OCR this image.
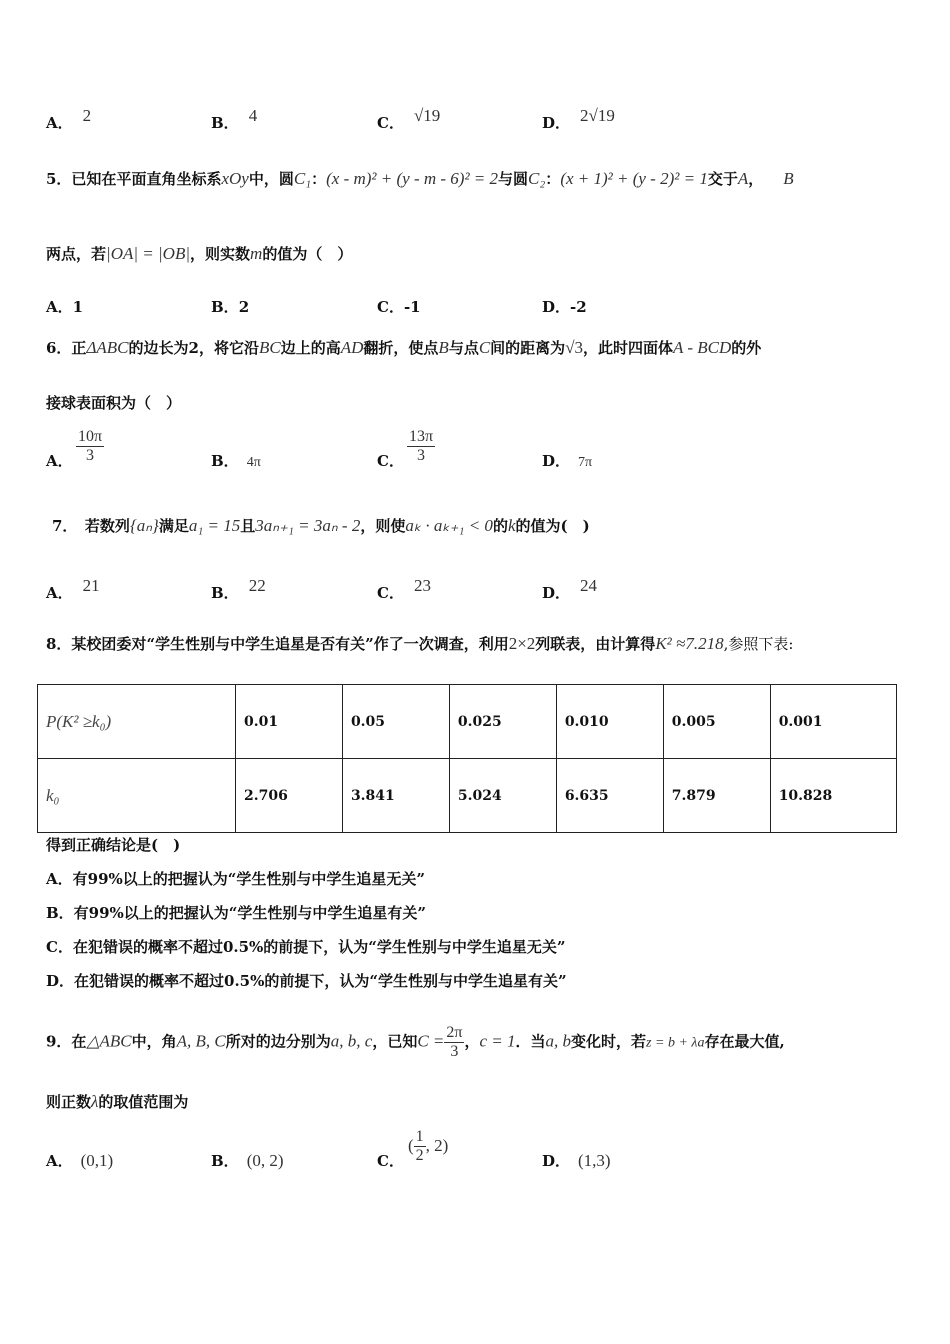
A． 2	B． 4	C． √19	D． 2√19
5．已知在平面直角坐标系xOy中，圆C₁：(x - m)² + (y - m - 6)² = 2与圆C₂：(x + 1)² + (y - 2)² = 1交于A， B
两点，若|OA| = |OB|，则实数m的值为（　）
A．1	B．2	C．-1	D．-2
6．正ΔABC的边长为2，将它沿BC边上的高AD翻折，使点B与点C间的距离为√3，此时四面体A - BCD的外
接球表面积为（　）
A． $\frac{10\pi}{3}$	B． 4π	C． $\frac{13\pi}{3}$	D． 7π
7．　若数列{aₙ}满足a₁ = 15且3aₙ₊₁ = 3aₙ - 2，则使aₖ · aₖ₊₁ < 0的k的值为(　)
A． 21	B． 22	C． 23	D． 24
8．某校团委对“学生性别与中学生追星是否有关”作了一次调查，利用2×2列联表，由计算得K² ≈7.218,参照下表:
P(K² ≥k₀)	0.01	0.05	0.025	0.010	0.005	0.001
k₀	2.706	3.841	5.024	6.635	7.879	10.828
得到正确结论是(　)
A．有99%以上的把握认为“学生性别与中学生追星无关”
B．有99%以上的把握认为“学生性别与中学生追星有关”
C．在犯错误的概率不超过0.5%的前提下，认为“学生性别与中学生追星无关”
D．在犯错误的概率不超过0.5%的前提下，认为“学生性别与中学生追星有关”
9．在△ABC中，角A, B, C所对的边分别为a, b, c，已知$C = \frac{2\pi}{3}$ ，c = 1．当a, b变化时，若z = b + λa存在最大值,
则正数λ的取值范围为
A． (0,1)	B． (0, 2)	C．
( $\frac{1}{2}$ , 2)
D． (1,3)
